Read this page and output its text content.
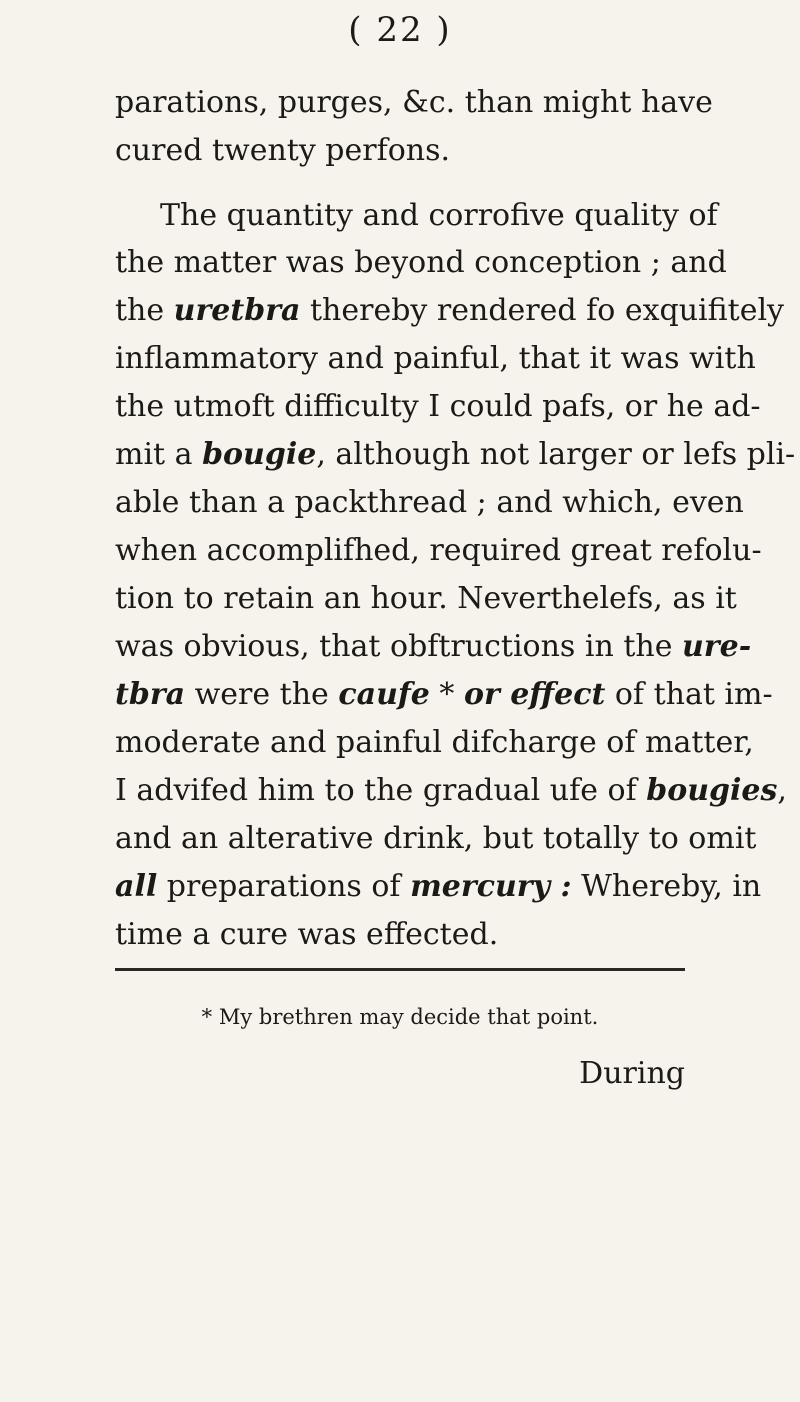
( 22 )
parations, purges, &c. than might have
cured twenty perfons.
The quantity and corrofive quality of
the matter was beyond conception ; and
the uretbra thereby rendered fo exquifitely
inflammatory and painful, that it was with
the utmoft difficulty I could pafs, or he ad-
mit a bougie, although not larger or lefs pli-
able than a packthread ; and which, even
when accomplifhed, required great refolu-
tion to retain an hour. Neverthelefs, as it
was obvious, that obftructions in the ure-
tbra were the caufe * or effect of that im-
moderate and painful difcharge of matter,
I advifed him to the gradual ufe of bougies,
and an alterative drink, but totally to omit
all preparations of mercury : Whereby, in
time a cure was effected.
* My brethren may decide that point.
During
